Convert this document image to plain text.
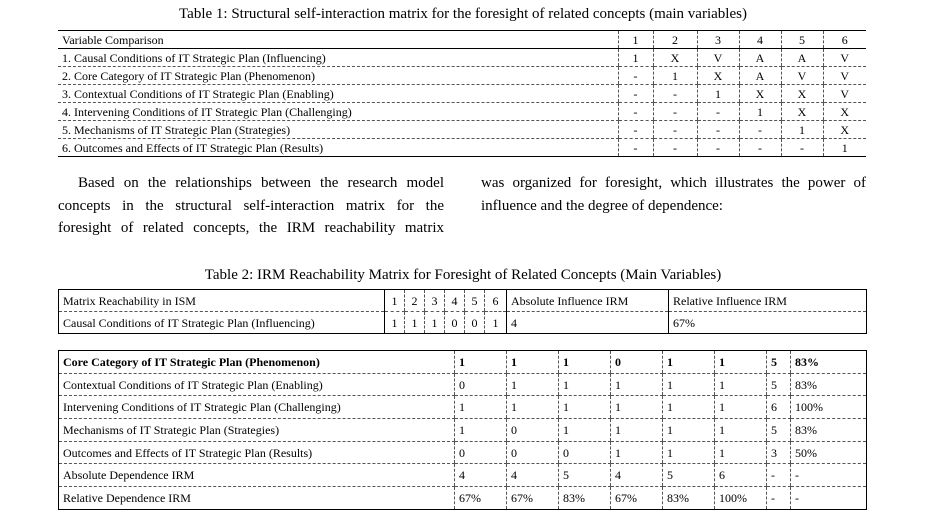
Table 1: Structural self-interaction matrix for the foresight of related concepts (main variables)
Variable Comparison	1	2	3	4	5	6
1. Causal Conditions of IT Strategic Plan (Influencing)	1	X	V	A	A	V
2. Core Category of IT Strategic Plan (Phenomenon)	-	1	X	A	V	V
3. Contextual Conditions of IT Strategic Plan (Enabling)	-	-	1	X	X	V
4. Intervening Conditions of IT Strategic Plan (Challenging)	-	-	-	1	X	X
5. Mechanisms of IT Strategic Plan (Strategies)	-	-	-	-	1	X
6. Outcomes and Effects of IT Strategic Plan (Results)	-	-	-	-	-	1
Based on the relationships between the research model
concepts in the structural self-interaction matrix for the
foresight of related concepts, the IRM reachability matrix
was organized for foresight, which illustrates the power of
influence and the degree of dependence:
Table 2: IRM Reachability Matrix for Foresight of Related Concepts (Main Variables)
Matrix Reachability in ISM	1	2	3	4	5	6	Absolute Influence IRM	Relative Influence IRM
Causal Conditions of IT Strategic Plan (Influencing)	1	1	1	0	0	1	4	67%
Core Category of IT Strategic Plan (Phenomenon)	1	1	1	0	1	1	5	83%
Contextual Conditions of IT Strategic Plan (Enabling)	0	1	1	1	1	1	5	83%
Intervening Conditions of IT Strategic Plan (Challenging)	1	1	1	1	1	1	6	100%
Mechanisms of IT Strategic Plan (Strategies)	1	0	1	1	1	1	5	83%
Outcomes and Effects of IT Strategic Plan (Results)	0	0	0	1	1	1	3	50%
Absolute Dependence IRM	4	4	5	4	5	6	-	-
Relative Dependence IRM	67%	67%	83%	67%	83%	100%	-	-
